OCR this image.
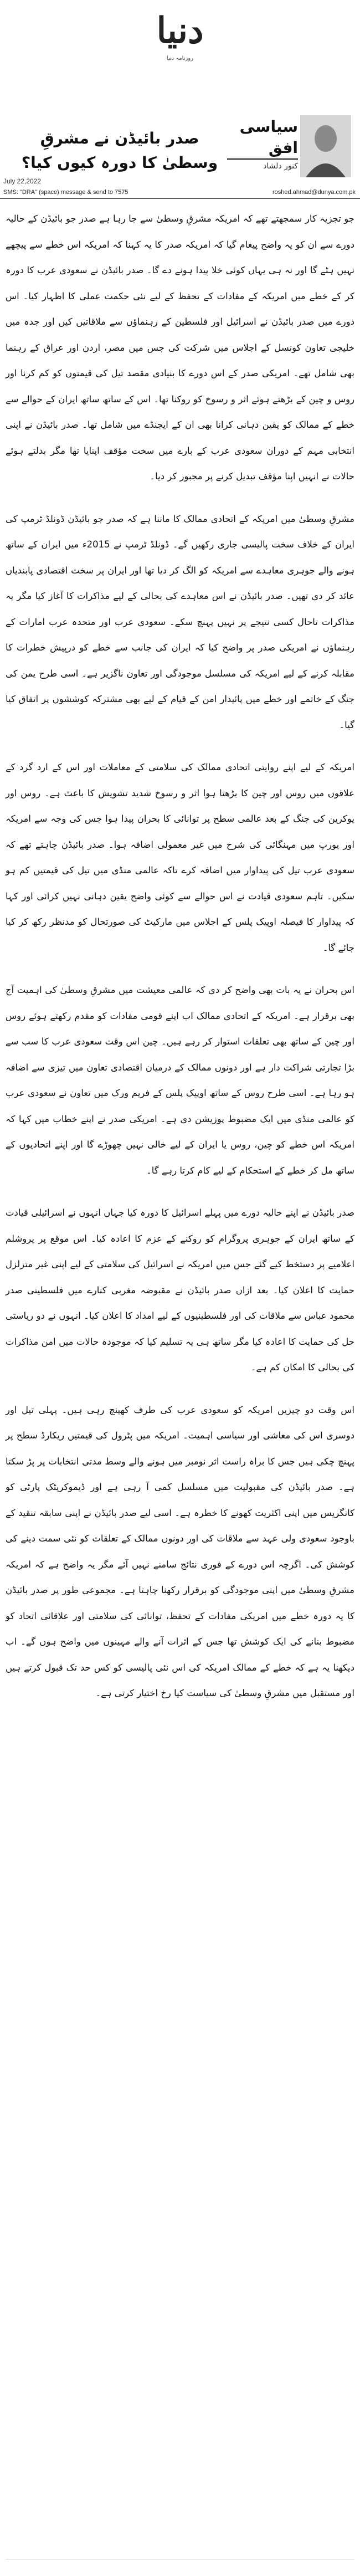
دنیا
روزنامہ دنیا
سیاسی افق
کنور دلشاد
صدر بائیڈن نے مشرقِ وسطیٰ کا دورہ کیوں کیا؟
July 22,2022
SMS: "DRA" (space) message & send to 7575	roshed.ahmad@dunya.com.pk

جو تجزیہ کار سمجھتے تھے کہ امریکہ مشرقِ وسطیٰ سے جا رہا ہے صدر جو بائیڈن کے حالیہ دورے سے ان کو یہ واضح پیغام گیا کہ امریکہ صدر کا یہ کہنا کہ امریکہ اس خطے سے پیچھے نہیں ہٹے گا اور نہ ہی یہاں کوئی خلا پیدا ہونے دے گا۔ صدر بائیڈن نے سعودی عرب کا دورہ کر کے خطے میں امریکہ کے مفادات کے تحفظ کے لیے نئی حکمت عملی کا اظہار کیا۔ اس دورے میں صدر بائیڈن نے اسرائیل اور فلسطین کے رہنماؤں سے ملاقاتیں کیں اور جدہ میں خلیجی تعاون کونسل کے اجلاس میں شرکت کی جس میں مصر، اردن اور عراق کے رہنما بھی شامل تھے۔ امریکی صدر کے اس دورے کا بنیادی مقصد تیل کی قیمتوں کو کم کرنا اور روس و چین کے بڑھتے ہوئے اثر و رسوخ کو روکنا تھا۔ اس کے ساتھ ساتھ ایران کے حوالے سے خطے کے ممالک کو یقین دہانی کرانا بھی ان کے ایجنڈے میں شامل تھا۔ صدر بائیڈن نے اپنی انتخابی مہم کے دوران سعودی عرب کے بارے میں سخت مؤقف اپنایا تھا مگر بدلتے ہوئے حالات نے انہیں اپنا مؤقف تبدیل کرنے پر مجبور کر دیا۔

مشرقِ وسطیٰ میں امریکہ کے اتحادی ممالک کا ماننا ہے کہ صدر جو بائیڈن ڈونلڈ ٹرمپ کی ایران کے خلاف سخت پالیسی جاری رکھیں گے۔ ڈونلڈ ٹرمپ نے 2015ء میں ایران کے ساتھ ہونے والے جوہری معاہدے سے امریکہ کو الگ کر دیا تھا اور ایران پر سخت اقتصادی پابندیاں عائد کر دی تھیں۔ صدر بائیڈن نے اس معاہدے کی بحالی کے لیے مذاکرات کا آغاز کیا مگر یہ مذاکرات تاحال کسی نتیجے پر نہیں پہنچ سکے۔ سعودی عرب اور متحدہ عرب امارات کے رہنماؤں نے امریکی صدر پر واضح کیا کہ ایران کی جانب سے خطے کو درپیش خطرات کا مقابلہ کرنے کے لیے امریکہ کی مسلسل موجودگی اور تعاون ناگزیر ہے۔ اسی طرح یمن کی جنگ کے خاتمے اور خطے میں پائیدار امن کے قیام کے لیے بھی مشترکہ کوششوں پر اتفاق کیا گیا۔

امریکہ کے لیے اپنے روایتی اتحادی ممالک کی سلامتی کے معاملات اور اس کے ارد گرد کے علاقوں میں روس اور چین کا بڑھتا ہوا اثر و رسوخ شدید تشویش کا باعث ہے۔ روس اور یوکرین کی جنگ کے بعد عالمی سطح پر توانائی کا بحران پیدا ہوا جس کی وجہ سے امریکہ اور یورپ میں مہنگائی کی شرح میں غیر معمولی اضافہ ہوا۔ صدر بائیڈن چاہتے تھے کہ سعودی عرب تیل کی پیداوار میں اضافہ کرے تاکہ عالمی منڈی میں تیل کی قیمتیں کم ہو سکیں۔ تاہم سعودی قیادت نے اس حوالے سے کوئی واضح یقین دہانی نہیں کرائی اور کہا کہ پیداوار کا فیصلہ اوپیک پلس کے اجلاس میں مارکیٹ کی صورتحال کو مدنظر رکھ کر کیا جائے گا۔

اس بحران نے یہ بات بھی واضح کر دی کہ عالمی معیشت میں مشرقِ وسطیٰ کی اہمیت آج بھی برقرار ہے۔ امریکہ کے اتحادی ممالک اب اپنے قومی مفادات کو مقدم رکھتے ہوئے روس اور چین کے ساتھ بھی تعلقات استوار کر رہے ہیں۔ چین اس وقت سعودی عرب کا سب سے بڑا تجارتی شراکت دار ہے اور دونوں ممالک کے درمیان اقتصادی تعاون میں تیزی سے اضافہ ہو رہا ہے۔ اسی طرح روس کے ساتھ اوپیک پلس کے فریم ورک میں تعاون نے سعودی عرب کو عالمی منڈی میں ایک مضبوط پوزیشن دی ہے۔ امریکی صدر نے اپنے خطاب میں کہا کہ امریکہ اس خطے کو چین، روس یا ایران کے لیے خالی نہیں چھوڑے گا اور اپنے اتحادیوں کے ساتھ مل کر خطے کے استحکام کے لیے کام کرتا رہے گا۔

صدر بائیڈن نے اپنے حالیہ دورے میں پہلے اسرائیل کا دورہ کیا جہاں انہوں نے اسرائیلی قیادت کے ساتھ ایران کے جوہری پروگرام کو روکنے کے عزم کا اعادہ کیا۔ اس موقع پر یروشلم اعلامیے پر دستخط کیے گئے جس میں امریکہ نے اسرائیل کی سلامتی کے لیے اپنی غیر متزلزل حمایت کا اعلان کیا۔ بعد ازاں صدر بائیڈن نے مقبوضہ مغربی کنارے میں فلسطینی صدر محمود عباس سے ملاقات کی اور فلسطینیوں کے لیے امداد کا اعلان کیا۔ انہوں نے دو ریاستی حل کی حمایت کا اعادہ کیا مگر ساتھ ہی یہ تسلیم کیا کہ موجودہ حالات میں امن مذاکرات کی بحالی کا امکان کم ہے۔

اس وقت دو چیزیں امریکہ کو سعودی عرب کی طرف کھینچ رہی ہیں۔ پہلی تیل اور دوسری اس کی معاشی اور سیاسی اہمیت۔ امریکہ میں پٹرول کی قیمتیں ریکارڈ سطح پر پہنچ چکی ہیں جس کا براہ راست اثر نومبر میں ہونے والے وسط مدتی انتخابات پر پڑ سکتا ہے۔ صدر بائیڈن کی مقبولیت میں مسلسل کمی آ رہی ہے اور ڈیموکریٹک پارٹی کو کانگریس میں اپنی اکثریت کھونے کا خطرہ ہے۔ اسی لیے صدر بائیڈن نے اپنی سابقہ تنقید کے باوجود سعودی ولی عہد سے ملاقات کی اور دونوں ممالک کے تعلقات کو نئی سمت دینے کی کوشش کی۔ اگرچہ اس دورے کے فوری نتائج سامنے نہیں آئے مگر یہ واضح ہے کہ امریکہ مشرقِ وسطیٰ میں اپنی موجودگی کو برقرار رکھنا چاہتا ہے۔ مجموعی طور پر صدر بائیڈن کا یہ دورہ خطے میں امریکی مفادات کے تحفظ، توانائی کی سلامتی اور علاقائی اتحاد کو مضبوط بنانے کی ایک کوشش تھا جس کے اثرات آنے والے مہینوں میں واضح ہوں گے۔ اب دیکھنا یہ ہے کہ خطے کے ممالک امریکہ کی اس نئی پالیسی کو کس حد تک قبول کرتے ہیں اور مستقبل میں مشرقِ وسطیٰ کی سیاست کیا رخ اختیار کرتی ہے۔
